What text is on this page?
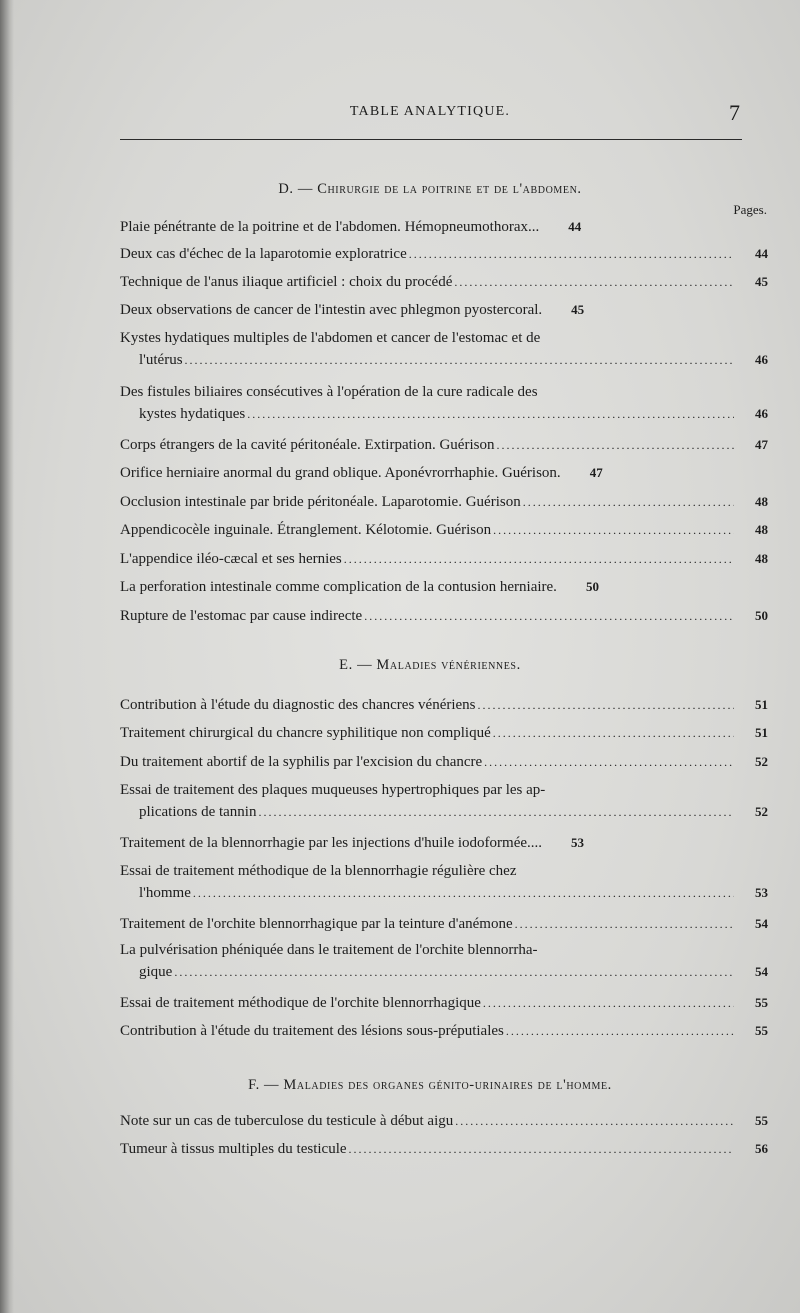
TABLE ANALYTIQUE.	7
D. — Chirurgie de la poitrine et de l'abdomen.
Pages.
Plaie pénétrante de la poitrine et de l'abdomen. Hémopneumothorax...	44
Deux cas d'échec de la laparotomie exploratrice .....	44
Technique de l'anus iliaque artificiel : choix du procédé .....	45
Deux observations de cancer de l'intestin avec phlegmon pyostercoral.	45
Kystes hydatiques multiples de l'abdomen et cancer de l'estomac et de
l'utérus .....	46
Des fistules biliaires consécutives à l'opération de la cure radicale des
kystes hydatiques .....	46
Corps étrangers de la cavité péritonéale. Extirpation. Guérison .....	47
Orifice herniaire anormal du grand oblique. Aponévrorrhaphie. Guérison.	47
Occlusion intestinale par bride péritonéale. Laparotomie. Guérison .....	48
Appendicocèle inguinale. Étranglement. Kélotomie. Guérison .....	48
L'appendice iléo-cæcal et ses hernies .....	48
La perforation intestinale comme complication de la contusion herniaire.	50
Rupture de l'estomac par cause indirecte .....	50
E. — Maladies vénériennes.
Contribution à l'étude du diagnostic des chancres vénériens .....	51
Traitement chirurgical du chancre syphilitique non compliqué .....	51
Du traitement abortif de la syphilis par l'excision du chancre .....	52
Essai de traitement des plaques muqueuses hypertrophiques par les ap-
plications de tannin .....	52
Traitement de la blennorrhagie par les injections d'huile iodoformée....	53
Essai de traitement méthodique de la blennorrhagie régulière chez
l'homme .....	53
Traitement de l'orchite blennorrhagique par la teinture d'anémone .....	54
La pulvérisation phéniquée dans le traitement de l'orchite blennorrha-
gique .....	54
Essai de traitement méthodique de l'orchite blennorrhagique .....	55
Contribution à l'étude du traitement des lésions sous-préputiales .....	55
F. — Maladies des organes génito-urinaires de l'homme.
Note sur un cas de tuberculose du testicule à début aigu .....	55
Tumeur à tissus multiples du testicule .....	56
